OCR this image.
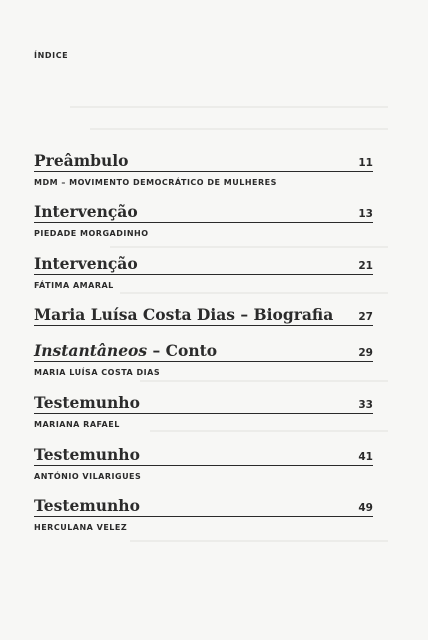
ÍNDICE
Preâmbulo	11
MDM – MOVIMENTO DEMOCRÁTICO DE MULHERES
Intervenção	13
PIEDADE MORGADINHO
Intervenção	21
FÁTIMA AMARAL
Maria Luísa Costa Dias – Biografia 27
Instantâneos – Conto	29
MARIA LUÍSA COSTA DIAS
Testemunho	33
MARIANA RAFAEL
Testemunho	41
ANTÓNIO VILARIGUES
Testemunho	49
HERCULANA VELEZ
